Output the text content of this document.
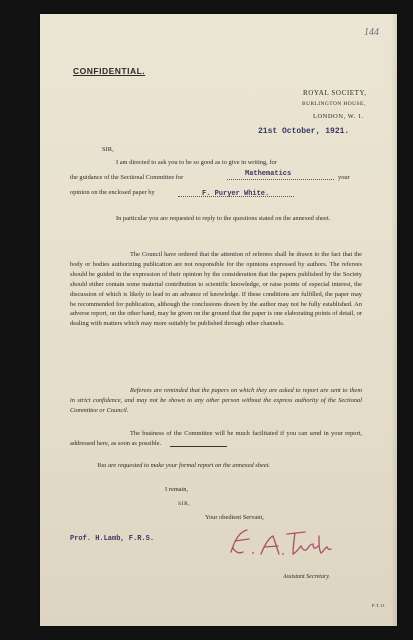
144
CONFIDENTIAL.
ROYAL SOCIETY,
BURLINGTON HOUSE,
LONDON, W. 1.
21st October, 1921.
SIR,
I am directed to ask you to be so good as to give in writing, for
the guidance of the Sectional Committee for	Mathematics	your
opinion on the enclosed paper by	F. Puryer White.
In particular you are requested to reply to the questions stated on the annexed sheet.
The Council have ordered that the attention of referees shall be drawn to the fact that the body or bodies authorizing publication are not responsible for the opinions expressed by authors. The referees should be guided in the expression of their opinion by the consideration that the papers published by the Society should either contain some material contribution to scientific knowledge, or raise points of especial interest, the discussion of which is likely to lead to an advance of knowledge. If these conditions are fulfilled, the paper may be recommended for publication, although the conclusions drawn by the author may not be fully established. An adverse report, on the other hand, may be given on the ground that the paper is one elaborating points of detail, or dealing with matters which may more suitably be published through other channels.
Referees are reminded that the papers on which they are asked to report are sent to them in strict confidence, and may not be shown to any other person without the express authority of the Sectional Committee or Council.
The business of the Committee will be much facilitated if you can send in your report, addressed here, as soon as possible.
You are requested to make your formal report on the annexed sheet.
I remain,
SIR,
Your obedient Servant,
Prof. H.Lamb, F.R.S.
Assistant Secretary.
P.T.O.
